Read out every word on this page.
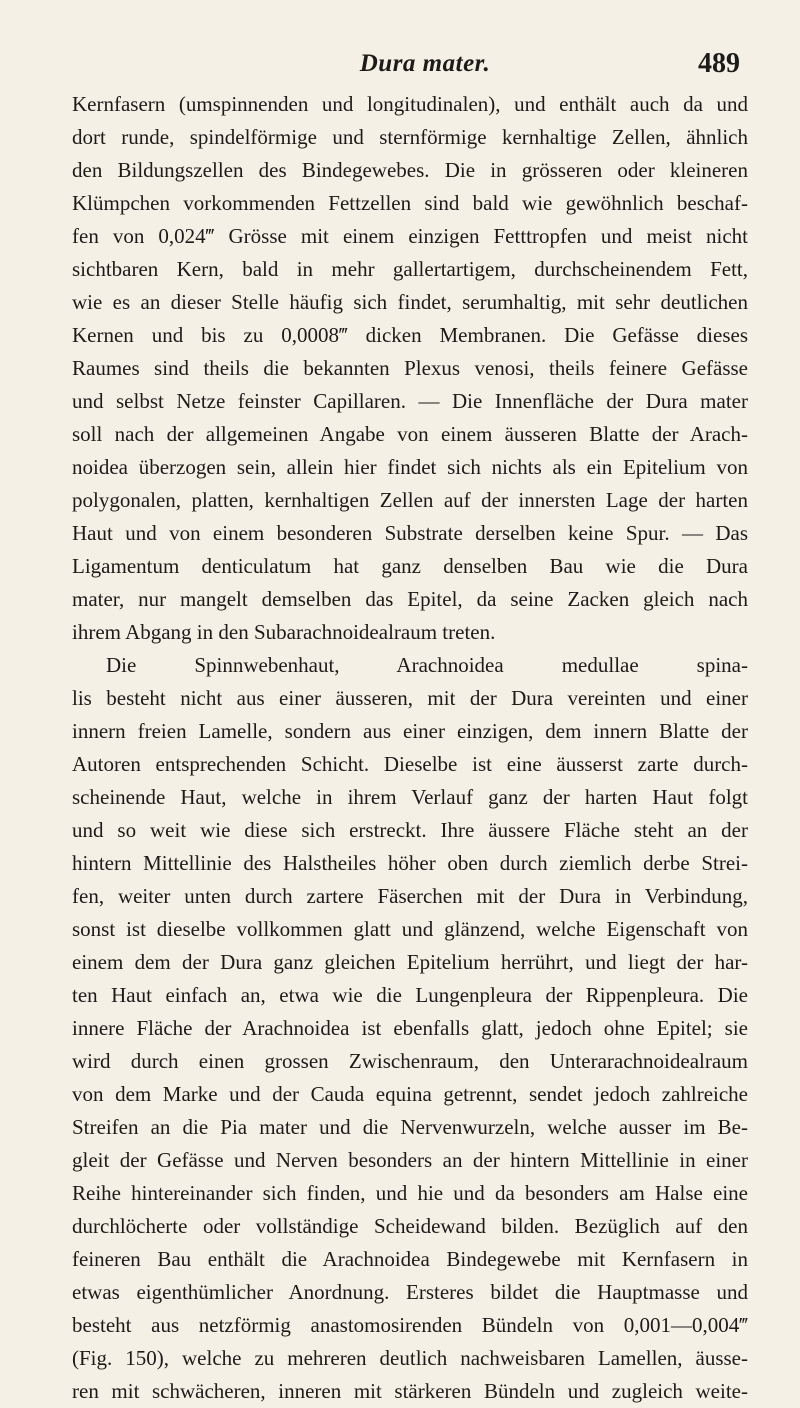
Dura mater.	489
Kernfasern (umspinnenden und longitudinalen), und enthält auch da und
dort runde, spindelförmige und sternförmige kernhaltige Zellen, ähnlich
den Bildungszellen des Bindegewebes. Die in grösseren oder kleineren
Klümpchen vorkommenden Fettzellen sind bald wie gewöhnlich beschaf-
fen von 0,024‴ Grösse mit einem einzigen Fetttropfen und meist nicht
sichtbaren Kern, bald in mehr gallertartigem, durchscheinendem Fett,
wie es an dieser Stelle häufig sich findet, serumhaltig, mit sehr deutlichen
Kernen und bis zu 0,0008‴ dicken Membranen. Die Gefässe dieses
Raumes sind theils die bekannten Plexus venosi, theils feinere Gefässe
und selbst Netze feinster Capillaren. — Die Innenfläche der Dura mater
soll nach der allgemeinen Angabe von einem äusseren Blatte der Arach-
noidea überzogen sein, allein hier findet sich nichts als ein Epitelium von
polygonalen, platten, kernhaltigen Zellen auf der innersten Lage der harten
Haut und von einem besonderen Substrate derselben keine Spur. — Das
Ligamentum denticulatum hat ganz denselben Bau wie die Dura
mater, nur mangelt demselben das Epitel, da seine Zacken gleich nach
ihrem Abgang in den Subarachnoidealraum treten.
Die Spinnwebenhaut, Arachnoidea medullae spina-
lis besteht nicht aus einer äusseren, mit der Dura vereinten und einer
innern freien Lamelle, sondern aus einer einzigen, dem innern Blatte der
Autoren entsprechenden Schicht. Dieselbe ist eine äusserst zarte durch-
scheinende Haut, welche in ihrem Verlauf ganz der harten Haut folgt
und so weit wie diese sich erstreckt. Ihre äussere Fläche steht an der
hintern Mittellinie des Halstheiles höher oben durch ziemlich derbe Strei-
fen, weiter unten durch zartere Fäserchen mit der Dura in Verbindung,
sonst ist dieselbe vollkommen glatt und glänzend, welche Eigenschaft von
einem dem der Dura ganz gleichen Epitelium herrührt, und liegt der har-
ten Haut einfach an, etwa wie die Lungenpleura der Rippenpleura. Die
innere Fläche der Arachnoidea ist ebenfalls glatt, jedoch ohne Epitel; sie
wird durch einen grossen Zwischenraum, den Unterarachnoidealraum
von dem Marke und der Cauda equina getrennt, sendet jedoch zahlreiche
Streifen an die Pia mater und die Nervenwurzeln, welche ausser im Be-
gleit der Gefässe und Nerven besonders an der hintern Mittellinie in einer
Reihe hintereinander sich finden, und hie und da besonders am Halse eine
durchlöcherte oder vollständige Scheidewand bilden. Bezüglich auf den
feineren Bau enthält die Arachnoidea Bindegewebe mit Kernfasern in
etwas eigenthümlicher Anordnung. Ersteres bildet die Hauptmasse und
besteht aus netzförmig anastomosirenden Bündeln von 0,001—0,004‴
(Fig. 150), welche zu mehreren deutlich nachweisbaren Lamellen, äusse-
ren mit schwächeren, inneren mit stärkeren Bündeln und zugleich weite-
